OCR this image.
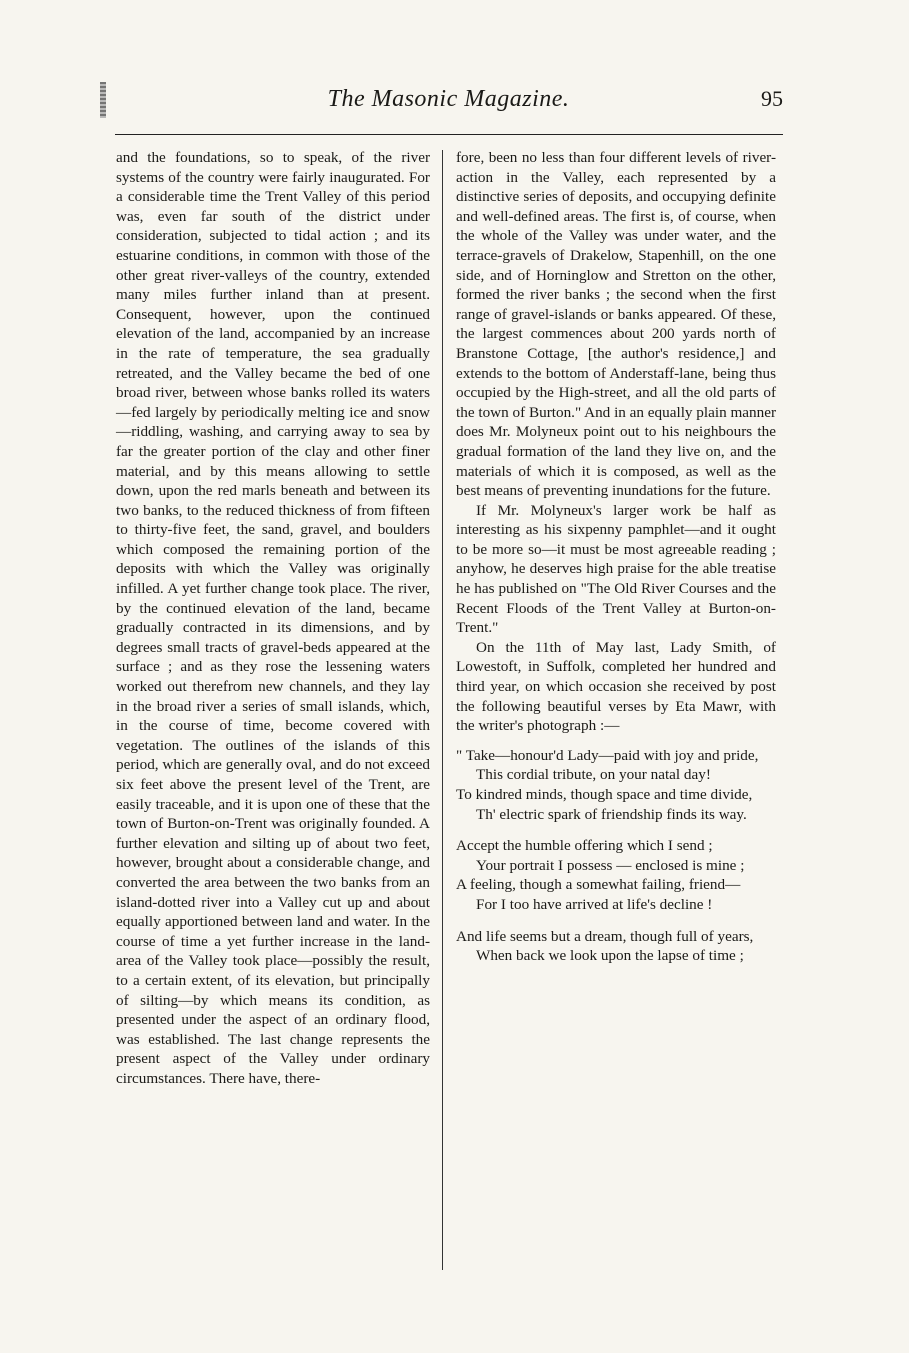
The Masonic Magazine.	95

and the foundations, so to speak, of the river systems of the country were fairly inaugurated. For a considerable time the Trent Valley of this period was, even far south of the district under consideration, subjected to tidal action ; and its estuarine conditions, in common with those of the other great river-valleys of the country, extended many miles further inland than at present. Consequent, however, upon the continued elevation of the land, accompanied by an increase in the rate of temperature, the sea gradually retreated, and the Valley became the bed of one broad river, between whose banks rolled its waters—fed largely by periodically melting ice and snow—riddling, washing, and carrying away to sea by far the greater portion of the clay and other finer material, and by this means allowing to settle down, upon the red marls beneath and between its two banks, to the reduced thickness of from fifteen to thirty-five feet, the sand, gravel, and boulders which composed the remaining portion of the deposits with which the Valley was originally infilled. A yet further change took place. The river, by the continued elevation of the land, became gradually contracted in its dimensions, and by degrees small tracts of gravel-beds appeared at the surface ; and as they rose the lessening waters worked out therefrom new channels, and they lay in the broad river a series of small islands, which, in the course of time, become covered with vegetation. The outlines of the islands of this period, which are generally oval, and do not exceed six feet above the present level of the Trent, are easily traceable, and it is upon one of these that the town of Burton-on-Trent was originally founded. A further elevation and silting up of about two feet, however, brought about a considerable change, and converted the area between the two banks from an island-dotted river into a Valley cut up and about equally apportioned between land and water. In the course of time a yet further increase in the land-area of the Valley took place—possibly the result, to a certain extent, of its elevation, but principally of silting—by which means its condition, as presented under the aspect of an ordinary flood, was established. The last change represents the present aspect of the Valley under ordinary circumstances. There have, there-

fore, been no less than four different levels of river-action in the Valley, each represented by a distinctive series of deposits, and occupying definite and well-defined areas. The first is, of course, when the whole of the Valley was under water, and the terrace-gravels of Drakelow, Stapenhill, on the one side, and of Horninglow and Stretton on the other, formed the river banks ; the second when the first range of gravel-islands or banks appeared. Of these, the largest commences about 200 yards north of Branstone Cottage, [the author's residence,] and extends to the bottom of Anderstaff-lane, being thus occupied by the High-street, and all the old parts of the town of Burton." And in an equally plain manner does Mr. Molyneux point out to his neighbours the gradual formation of the land they live on, and the materials of which it is composed, as well as the best means of preventing inundations for the future.

If Mr. Molyneux's larger work be half as interesting as his sixpenny pamphlet—and it ought to be more so—it must be most agreeable reading ; anyhow, he deserves high praise for the able treatise he has published on "The Old River Courses and the Recent Floods of the Trent Valley at Burton-on-Trent."

On the 11th of May last, Lady Smith, of Lowestoft, in Suffolk, completed her hundred and third year, on which occasion she received by post the following beautiful verses by Eta Mawr, with the writer's photograph :—

" Take—honour'd Lady—paid with joy and pride,
This cordial tribute, on your natal day!
To kindred minds, though space and time divide,
Th' electric spark of friendship finds its way.
Accept the humble offering which I send ;
Your portrait I possess — enclosed is mine ;
A feeling, though a somewhat failing, friend—
For I too have arrived at life's decline !
And life seems but a dream, though full of years,
When back we look upon the lapse of time ;
